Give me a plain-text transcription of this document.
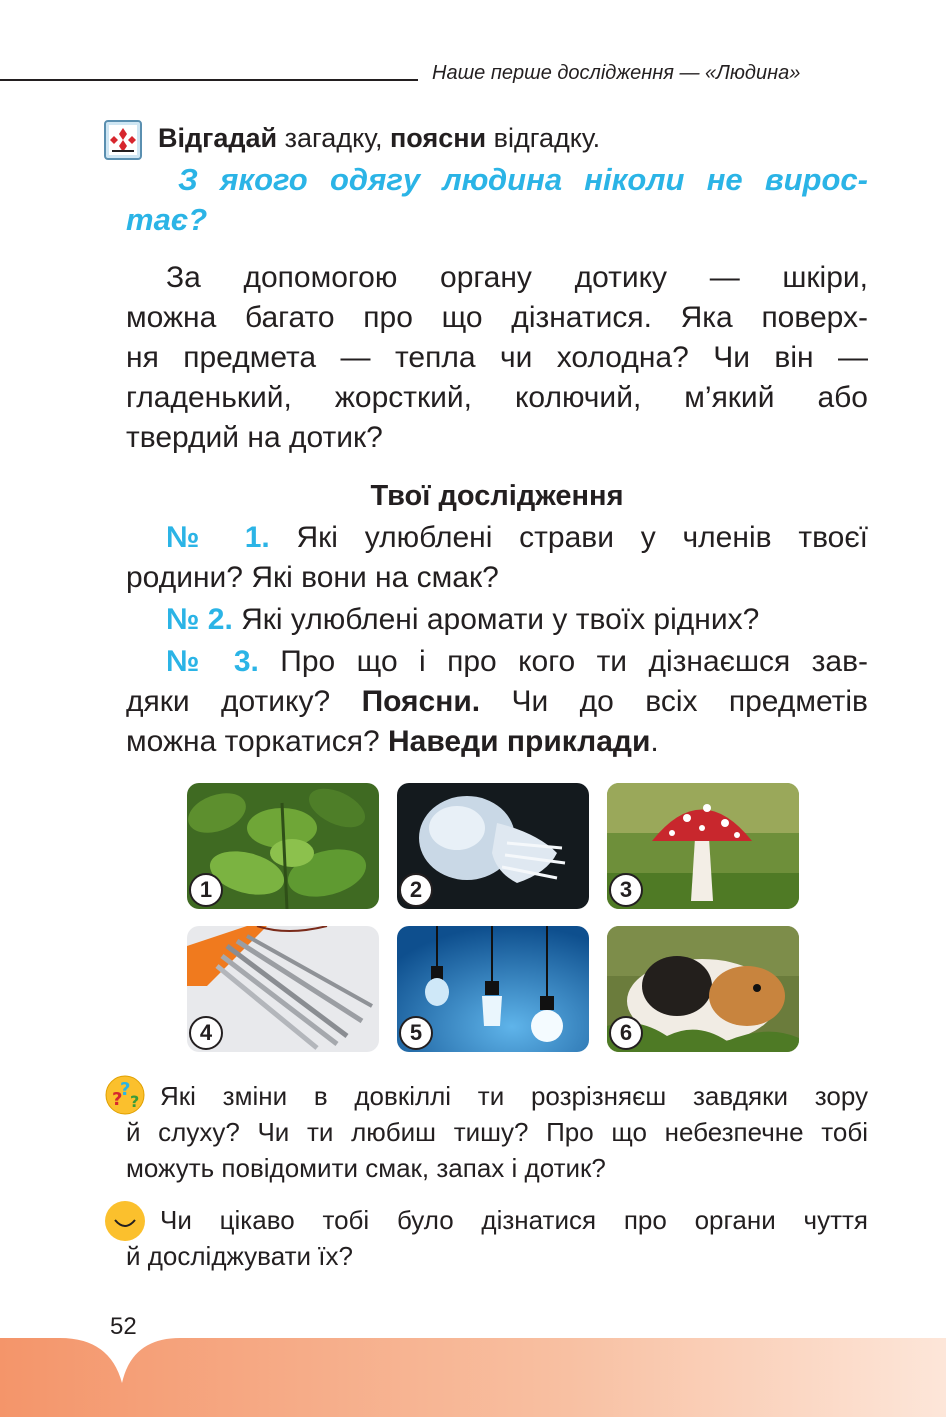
Наше перше дослідження — «Людина»
Відгадай загадку, поясни відгадку.
З якого одягу людина ніколи не вирос-
тає?
За допомогою органу дотику — шкіри,
можна багато про що дізнатися. Яка поверх-
ня предмета — тепла чи холодна? Чи він —
гладенький, жорсткий, колючий, м’який або
твердий на дотик?
Твої дослідження
№ 1. Які улюблені страви у членів твоєї
родини? Які вони на смак?
№ 2. Які улюблені аромати у твоїх рідних?
№ 3. Про що і про кого ти дізнаєшся зав-
дяки дотику? Поясни. Чи до всіх предметів
можна торкатися? Наведи приклади.
1	2	3
4	5	6
?
?
? Які зміни в довкіллі ти розрізняєш завдяки зору
й слуху? Чи ти любиш тишу? Про що небезпечне тобі
можуть повідомити смак, запах і дотик?
Чи цікаво тобі було дізнатися про органи чуття
й досліджувати їх?
52
